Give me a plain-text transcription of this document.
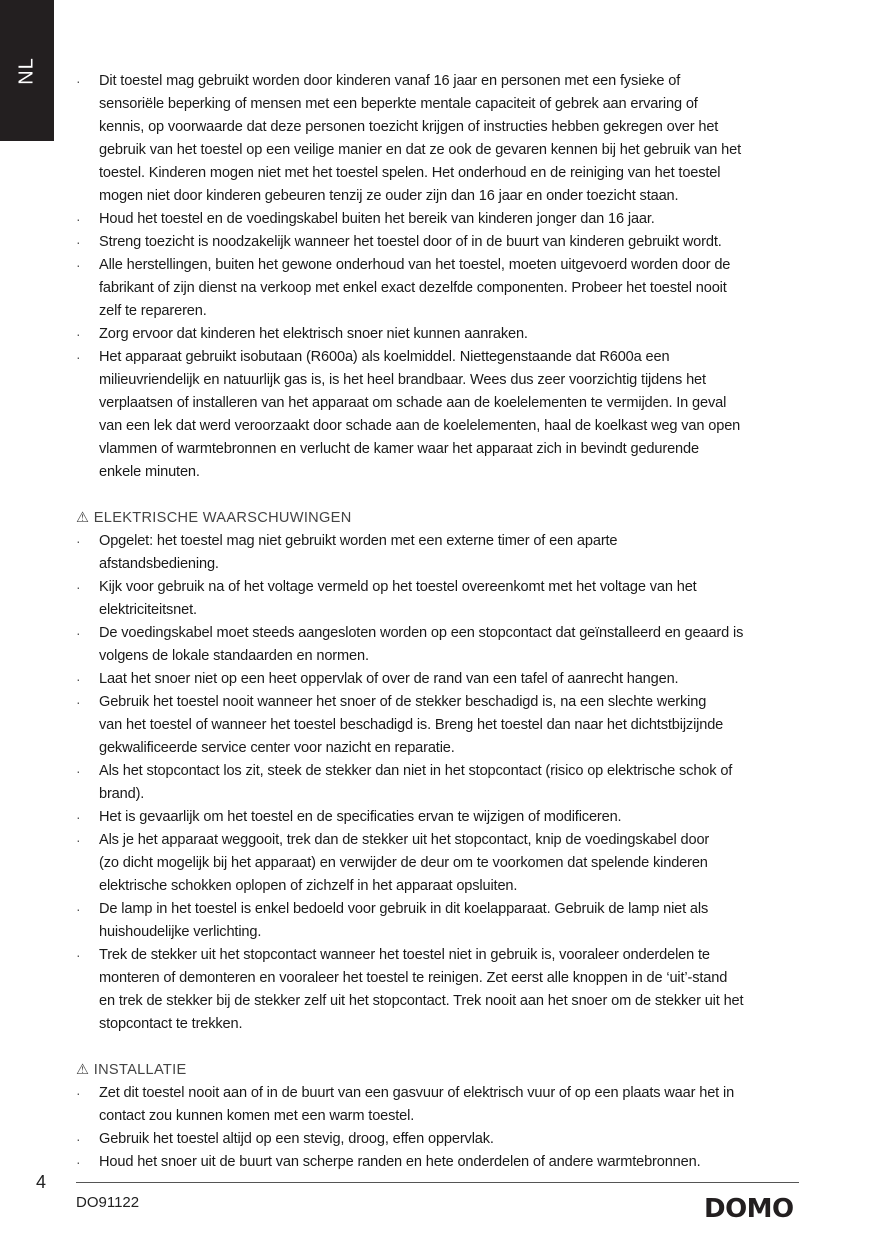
NL	· Dit toestel mag gebruikt worden door kinderen vanaf 16 jaar en personen met een fysieke of
sensoriële beperking of mensen met een beperkte mentale capaciteit of gebrek aan ervaring of
kennis, op voorwaarde dat deze personen toezicht krijgen of instructies hebben gekregen over het
gebruik van het toestel op een veilige manier en dat ze ook de gevaren kennen bij het gebruik van het
toestel. Kinderen mogen niet met het toestel spelen. Het onderhoud en de reiniging van het toestel
mogen niet door kinderen gebeuren tenzij ze ouder zijn dan 16 jaar en onder toezicht staan.
· Houd het toestel en de voedingskabel buiten het bereik van kinderen jonger dan 16 jaar.
· Streng toezicht is noodzakelijk wanneer het toestel door of in de buurt van kinderen gebruikt wordt.
· Alle herstellingen, buiten het gewone onderhoud van het toestel, moeten uitgevoerd worden door de
fabrikant of zijn dienst na verkoop met enkel exact dezelfde componenten. Probeer het toestel nooit
zelf te repareren.
· Zorg ervoor dat kinderen het elektrisch snoer niet kunnen aanraken.
· Het apparaat gebruikt isobutaan (R600a) als koelmiddel. Niettegenstaande dat R600a een
milieuvriendelijk en natuurlijk gas is, is het heel brandbaar. Wees dus zeer voorzichtig tijdens het
verplaatsen of installeren van het apparaat om schade aan de koelelementen te vermijden. In geval
van een lek dat werd veroorzaakt door schade aan de koelelementen, haal de koelkast weg van open
vlammen of warmtebronnen en verlucht de kamer waar het apparaat zich in bevindt gedurende
enkele minuten.
⚠ ELEKTRISCHE WAARSCHUWINGEN
· Opgelet: het toestel mag niet gebruikt worden met een externe timer of een aparte
afstandsbediening.
· Kijk voor gebruik na of het voltage vermeld op het toestel overeenkomt met het voltage van het
elektriciteitsnet.
· De voedingskabel moet steeds aangesloten worden op een stopcontact dat geïnstalleerd en geaard is
volgens de lokale standaarden en normen.
· Laat het snoer niet op een heet oppervlak of over de rand van een tafel of aanrecht hangen.
· Gebruik het toestel nooit wanneer het snoer of de stekker beschadigd is, na een slechte werking
van het toestel of wanneer het toestel beschadigd is. Breng het toestel dan naar het dichtstbijzijnde
gekwalificeerde service center voor nazicht en reparatie.
· Als het stopcontact los zit, steek de stekker dan niet in het stopcontact (risico op elektrische schok of
brand).
· Het is gevaarlijk om het toestel en de specificaties ervan te wijzigen of modificeren.
· Als je het apparaat weggooit, trek dan de stekker uit het stopcontact, knip de voedingskabel door
(zo dicht mogelijk bij het apparaat) en verwijder de deur om te voorkomen dat spelende kinderen
elektrische schokken oplopen of zichzelf in het apparaat opsluiten.
· De lamp in het toestel is enkel bedoeld voor gebruik in dit koelapparaat. Gebruik de lamp niet als
huishoudelijke verlichting.
· Trek de stekker uit het stopcontact wanneer het toestel niet in gebruik is, vooraleer onderdelen te
monteren of demonteren en vooraleer het toestel te reinigen. Zet eerst alle knoppen in de ‘uit’-stand
en trek de stekker bij de stekker zelf uit het stopcontact. Trek nooit aan het snoer om de stekker uit het
stopcontact te trekken.
⚠ INSTALLATIE
· Zet dit toestel nooit aan of in de buurt van een gasvuur of elektrisch vuur of op een plaats waar het in
contact zou kunnen komen met een warm toestel.
· Gebruik het toestel altijd op een stevig, droog, effen oppervlak.
· Houd het snoer uit de buurt van scherpe randen en hete onderdelen of andere warmtebronnen.
4
DO91122	DOMO
